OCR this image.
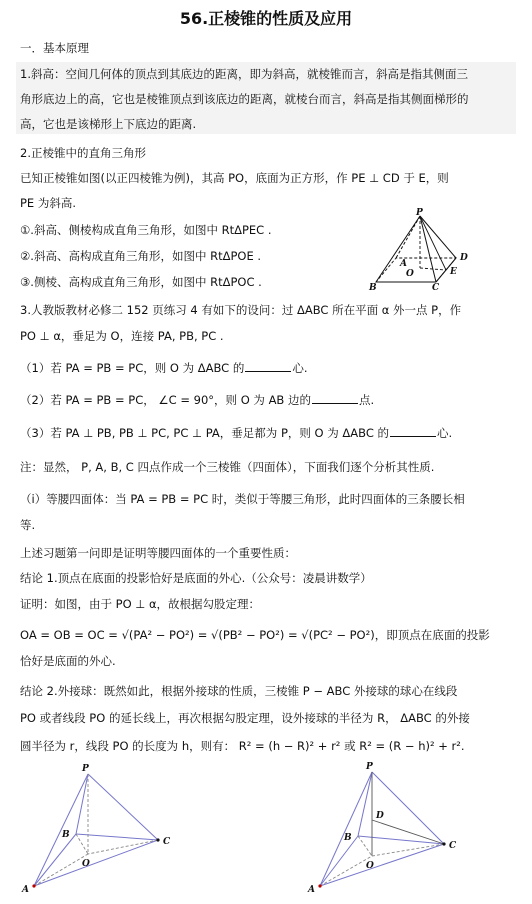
56.正棱锥的性质及应用
一．基本原理
1.斜高：空间几何体的顶点到其底边的距离，即为斜高，就棱锥而言，斜高是指其侧面三
角形底边上的高，它也是棱锥顶点到该底边的距离，就棱台而言，斜高是指其侧面梯形的
高，它也是该梯形上下底边的距离.
2.正棱锥中的直角三角形
已知正棱锥如图(以正四棱锥为例)，其高 PO，底面为正方形，作 PE ⊥ CD 于 E，则
PE 为斜高.
①.斜高、侧棱构成直角三角形，如图中 RtΔPEC .
②.斜高、高构成直角三角形，如图中 RtΔPOE .
③.侧棱、高构成直角三角形，如图中 RtΔPOC .
P
B	C
D
A
O	E
3.人教版教材必修二 152 页练习 4 有如下的设问：过 ΔABC 所在平面 α 外一点 P，作
PO ⊥ α，垂足为 O，连接 PA, PB, PC .
（1）若 PA = PB = PC，则 O 为 ΔABC 的	心.
（2）若 PA = PB = PC， ∠C = 90°，则 O 为 AB 边的	点.
（3）若 PA ⊥ PB, PB ⊥ PC, PC ⊥ PA，垂足都为 P，则 O 为 ΔABC 的	心.
注：显然， P, A, B, C 四点作成一个三棱锥（四面体），下面我们逐个分析其性质.
（i）等腰四面体：当 PA = PB = PC 时，类似于等腰三角形，此时四面体的三条腰长相
等.
上述习题第一问即是证明等腰四面体的一个重要性质：
结论 1.顶点在底面的投影恰好是底面的外心.（公众号：凌晨讲数学）
证明：如图，由于 PO ⊥ α，故根据勾股定理：
OA = OB = OC = √(PA² − PO²) = √(PB² − PO²) = √(PC² − PO²)，即顶点在底面的投影
恰好是底面的外心.
结论 2.外接球：既然如此，根据外接球的性质，三棱锥 P − ABC 外接球的球心在线段
PO 或者线段 PO 的延长线上，再次根据勾股定理，设外接球的半径为 R， ΔABC 的外接
圆半径为 r，线段 PO 的长度为 h，则有： R² = (h − R)² + r² 或 R² = (R − h)² + r².
P
A
B
C
O
P
A
B
C
D
O
